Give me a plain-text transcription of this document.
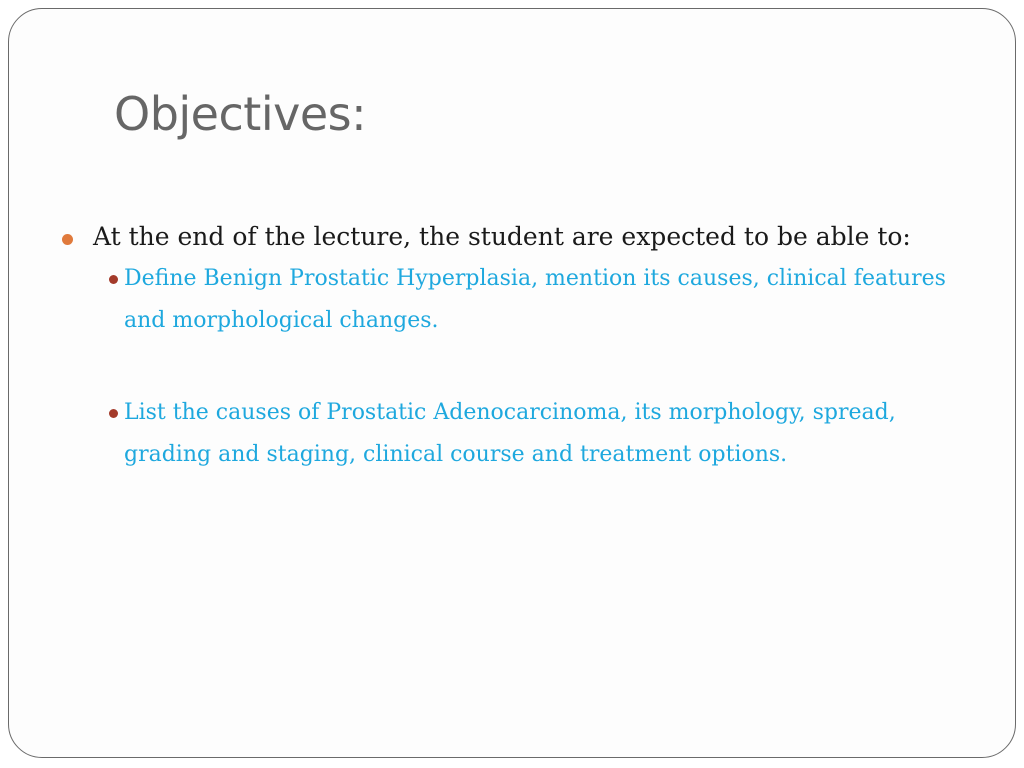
Objectives:
At the end of the lecture, the student are expected to be able to:
Define Benign Prostatic Hyperplasia, mention its causes, clinical features and morphological changes.
List the causes of Prostatic Adenocarcinoma, its morphology, spread, grading and staging, clinical course and treatment options.
